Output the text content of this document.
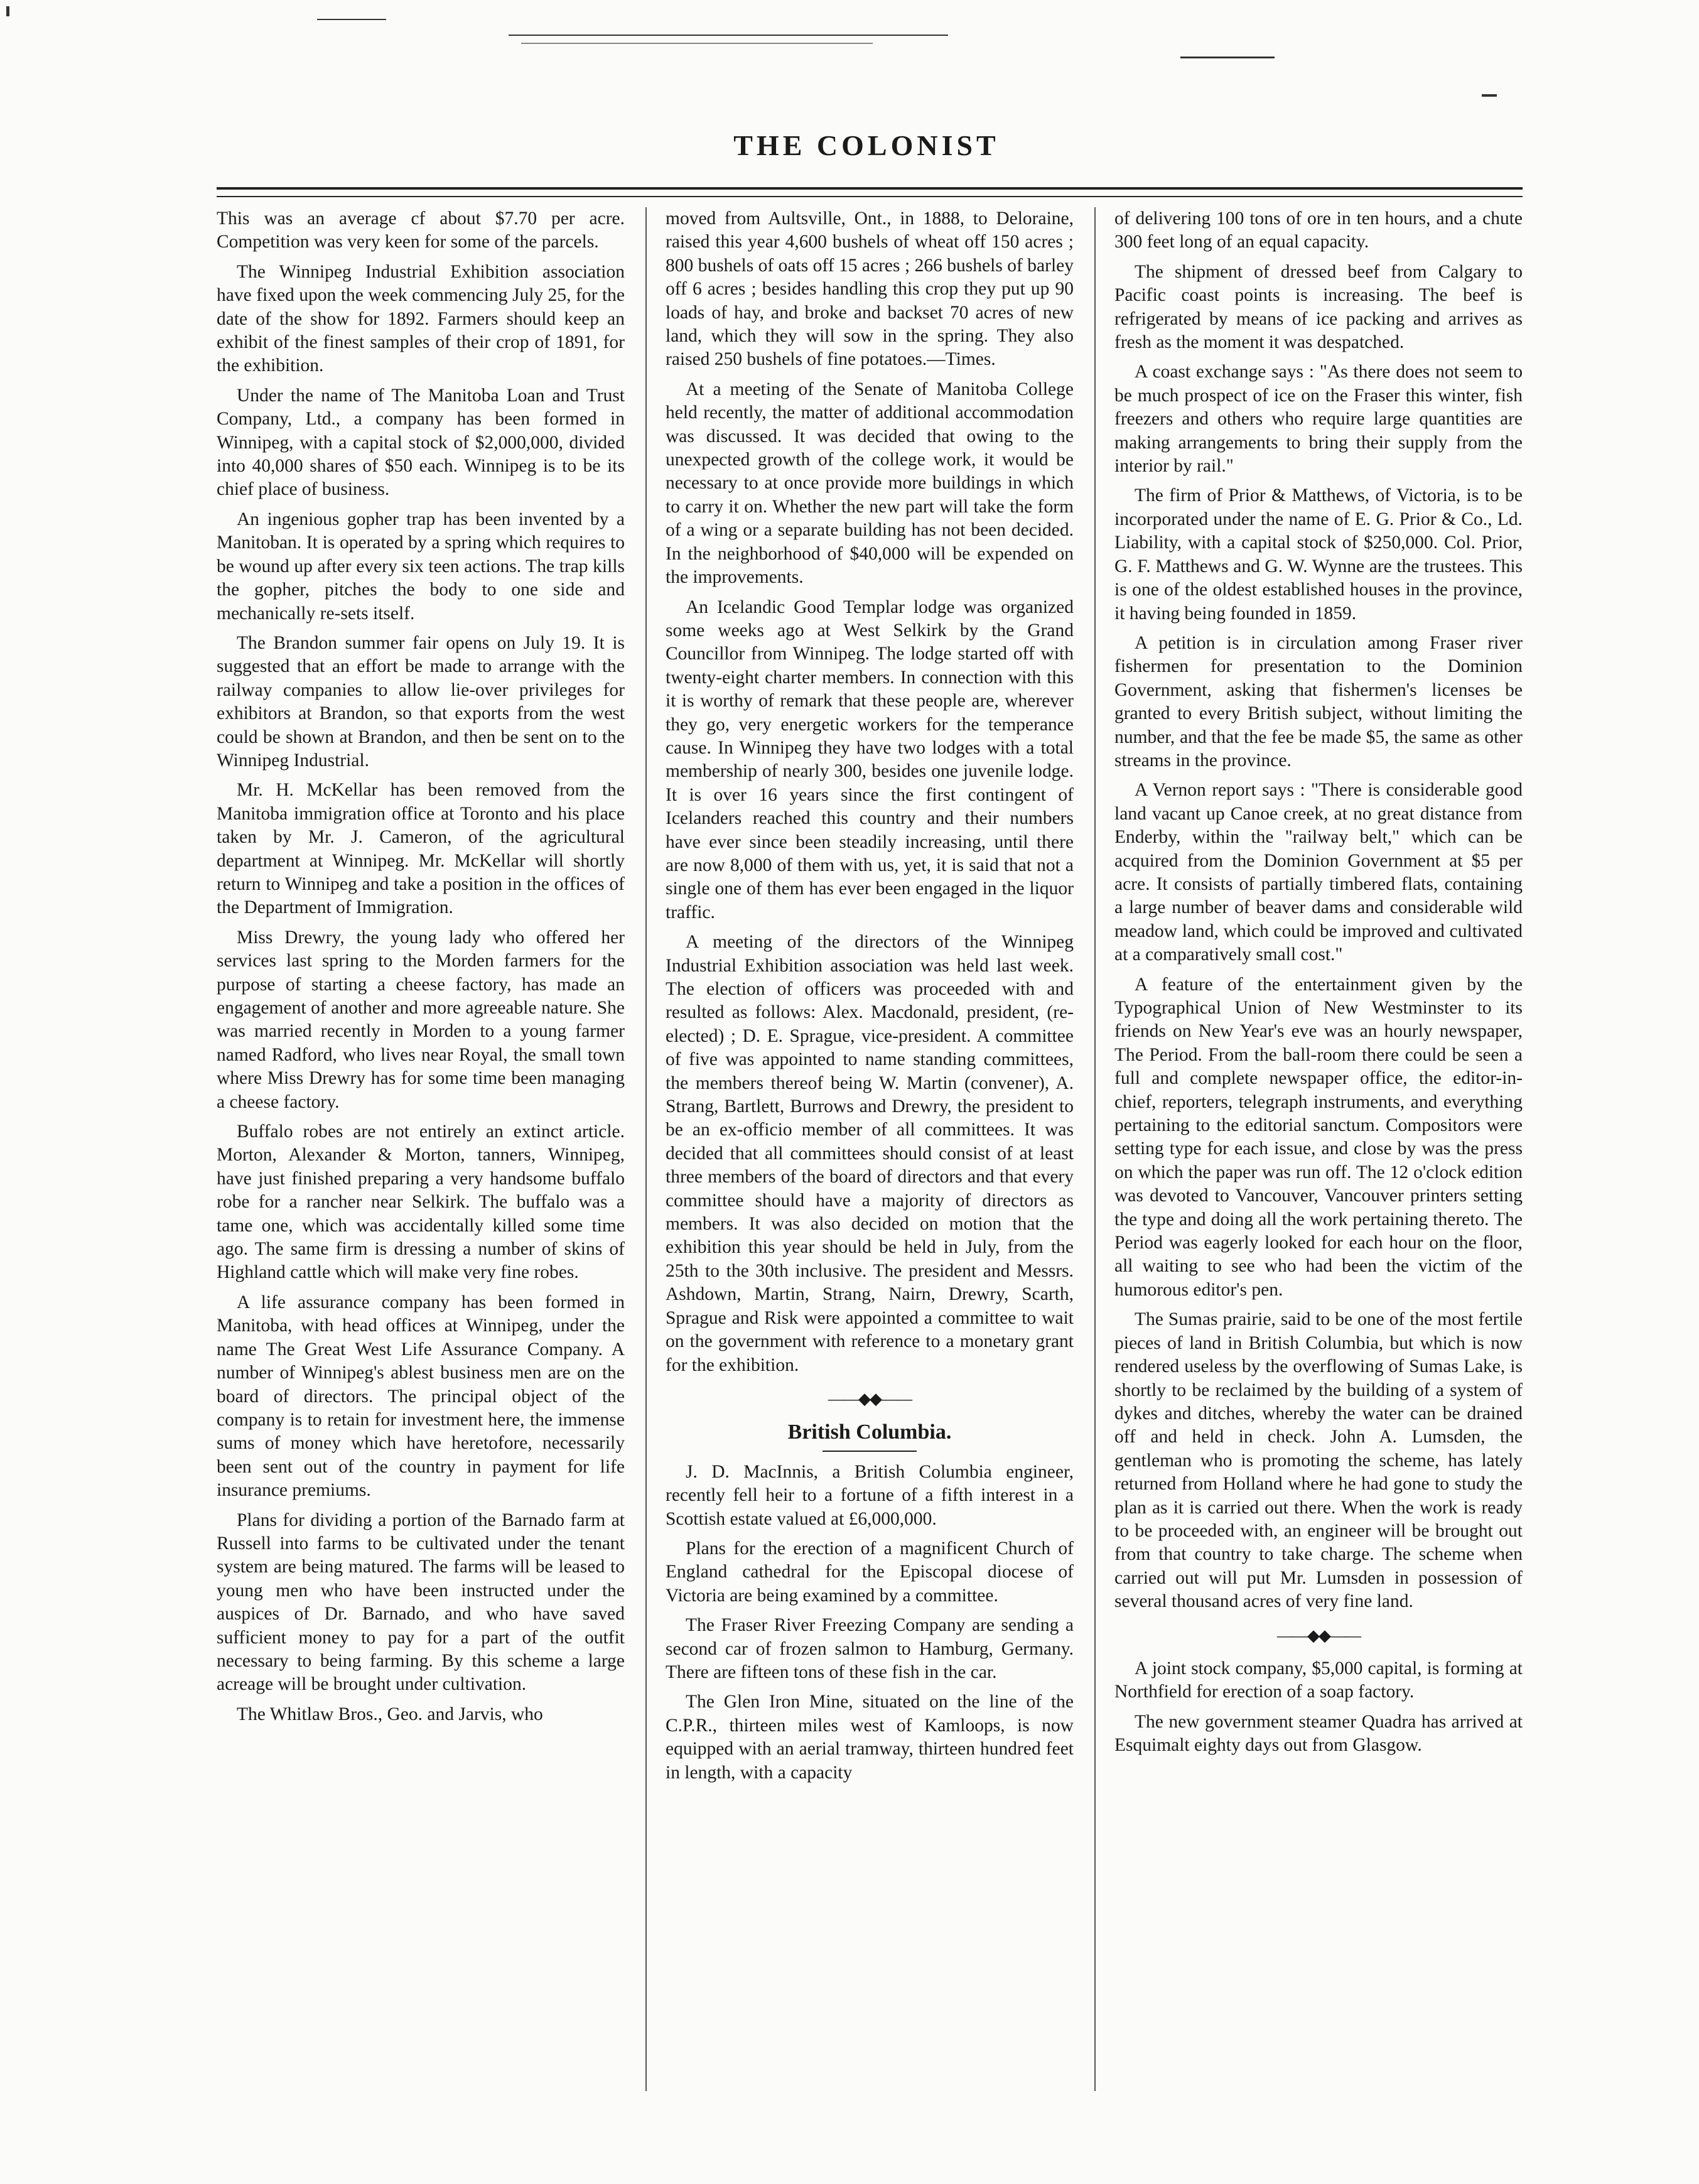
THE COLONIST

This was an average cf about $7.70 per acre. Competition was very keen for some of the parcels.

The Winnipeg Industrial Exhibition association have fixed upon the week commencing July 25, for the date of the show for 1892. Farmers should keep an exhibit of the finest samples of their crop of 1891, for the exhibition.

Under the name of The Manitoba Loan and Trust Company, Ltd., a company has been formed in Winnipeg, with a capital stock of $2,000,000, divided into 40,000 shares of $50 each. Winnipeg is to be its chief place of business.

An ingenious gopher trap has been invented by a Manitoban. It is operated by a spring which requires to be wound up after every six teen actions. The trap kills the gopher, pitches the body to one side and mechanically re-sets itself.

The Brandon summer fair opens on July 19. It is suggested that an effort be made to arrange with the railway companies to allow lie-over privileges for exhibitors at Brandon, so that exports from the west could be shown at Brandon, and then be sent on to the Winnipeg Industrial.

Mr. H. McKellar has been removed from the Manitoba immigration office at Toronto and his place taken by Mr. J. Cameron, of the agricultural department at Winnipeg. Mr. McKellar will shortly return to Winnipeg and take a position in the offices of the Department of Immigration.

Miss Drewry, the young lady who offered her services last spring to the Morden farmers for the purpose of starting a cheese factory, has made an engagement of another and more agreeable nature. She was married recently in Morden to a young farmer named Radford, who lives near Royal, the small town where Miss Drewry has for some time been managing a cheese factory.

Buffalo robes are not entirely an extinct article. Morton, Alexander & Morton, tanners, Winnipeg, have just finished preparing a very handsome buffalo robe for a rancher near Selkirk. The buffalo was a tame one, which was accidentally killed some time ago. The same firm is dressing a number of skins of Highland cattle which will make very fine robes.

A life assurance company has been formed in Manitoba, with head offices at Winnipeg, under the name The Great West Life Assurance Company. A number of Winnipeg's ablest business men are on the board of directors. The principal object of the company is to retain for investment here, the immense sums of money which have heretofore, necessarily been sent out of the country in payment for life insurance premiums.

Plans for dividing a portion of the Barnado farm at Russell into farms to be cultivated under the tenant system are being matured. The farms will be leased to young men who have been instructed under the auspices of Dr. Barnado, and who have saved sufficient money to pay for a part of the outfit necessary to being farming. By this scheme a large acreage will be brought under cultivation.

The Whitlaw Bros., Geo. and Jarvis, who

moved from Aultsville, Ont., in 1888, to Deloraine, raised this year 4,600 bushels of wheat off 150 acres ; 800 bushels of oats off 15 acres ; 266 bushels of barley off 6 acres ; besides handling this crop they put up 90 loads of hay, and broke and backset 70 acres of new land, which they will sow in the spring. They also raised 250 bushels of fine potatoes.—Times.

At a meeting of the Senate of Manitoba College held recently, the matter of additional accommodation was discussed. It was decided that owing to the unexpected growth of the college work, it would be necessary to at once provide more buildings in which to carry it on. Whether the new part will take the form of a wing or a separate building has not been decided. In the neighborhood of $40,000 will be expended on the improvements.

An Icelandic Good Templar lodge was organized some weeks ago at West Selkirk by the Grand Councillor from Winnipeg. The lodge started off with twenty-eight charter members. In connection with this it is worthy of remark that these people are, wherever they go, very energetic workers for the temperance cause. In Winnipeg they have two lodges with a total membership of nearly 300, besides one juvenile lodge. It is over 16 years since the first contingent of Icelanders reached this country and their numbers have ever since been steadily increasing, until there are now 8,000 of them with us, yet, it is said that not a single one of them has ever been engaged in the liquor traffic.

A meeting of the directors of the Winnipeg Industrial Exhibition association was held last week. The election of officers was proceeded with and resulted as follows: Alex. Macdonald, president, (re-elected) ; D. E. Sprague, vice-president. A committee of five was appointed to name standing committees, the members thereof being W. Martin (convener), A. Strang, Bartlett, Burrows and Drewry, the president to be an ex-officio member of all committees. It was decided that all committees should consist of at least three members of the board of directors and that every committee should have a majority of directors as members. It was also decided on motion that the exhibition this year should be held in July, from the 25th to the 30th inclusive. The president and Messrs. Ashdown, Martin, Strang, Nairn, Drewry, Scarth, Sprague and Risk were appointed a committee to wait on the government with reference to a monetary grant for the exhibition.

——◆◆——
British Columbia.

J. D. MacInnis, a British Columbia engineer, recently fell heir to a fortune of a fifth interest in a Scottish estate valued at £6,000,000.

Plans for the erection of a magnificent Church of England cathedral for the Episcopal diocese of Victoria are being examined by a committee.

The Fraser River Freezing Company are sending a second car of frozen salmon to Hamburg, Germany. There are fifteen tons of these fish in the car.

The Glen Iron Mine, situated on the line of the C.P.R., thirteen miles west of Kamloops, is now equipped with an aerial tramway, thirteen hundred feet in length, with a capacity

of delivering 100 tons of ore in ten hours, and a chute 300 feet long of an equal capacity.

The shipment of dressed beef from Calgary to Pacific coast points is increasing. The beef is refrigerated by means of ice packing and arrives as fresh as the moment it was despatched.

A coast exchange says : "As there does not seem to be much prospect of ice on the Fraser this winter, fish freezers and others who require large quantities are making arrangements to bring their supply from the interior by rail."

The firm of Prior & Matthews, of Victoria, is to be incorporated under the name of E. G. Prior & Co., Ld. Liability, with a capital stock of $250,000. Col. Prior, G. F. Matthews and G. W. Wynne are the trustees. This is one of the oldest established houses in the province, it having being founded in 1859.

A petition is in circulation among Fraser river fishermen for presentation to the Dominion Government, asking that fishermen's licenses be granted to every British subject, without limiting the number, and that the fee be made $5, the same as other streams in the province.

A Vernon report says : "There is considerable good land vacant up Canoe creek, at no great distance from Enderby, within the "railway belt," which can be acquired from the Dominion Government at $5 per acre. It consists of partially timbered flats, containing a large number of beaver dams and considerable wild meadow land, which could be improved and cultivated at a comparatively small cost."

A feature of the entertainment given by the Typographical Union of New Westminster to its friends on New Year's eve was an hourly newspaper, The Period. From the ball-room there could be seen a full and complete newspaper office, the editor-in-chief, reporters, telegraph instruments, and everything pertaining to the editorial sanctum. Compositors were setting type for each issue, and close by was the press on which the paper was run off. The 12 o'clock edition was devoted to Vancouver, Vancouver printers setting the type and doing all the work pertaining thereto. The Period was eagerly looked for each hour on the floor, all waiting to see who had been the victim of the humorous editor's pen.

The Sumas prairie, said to be one of the most fertile pieces of land in British Columbia, but which is now rendered useless by the overflowing of Sumas Lake, is shortly to be reclaimed by the building of a system of dykes and ditches, whereby the water can be drained off and held in check. John A. Lumsden, the gentleman who is promoting the scheme, has lately returned from Holland where he had gone to study the plan as it is carried out there. When the work is ready to be proceeded with, an engineer will be brought out from that country to take charge. The scheme when carried out will put Mr. Lumsden in possession of several thousand acres of very fine land.

——◆◆——

A joint stock company, $5,000 capital, is forming at Northfield for erection of a soap factory.

The new government steamer Quadra has arrived at Esquimalt eighty days out from Glasgow.
